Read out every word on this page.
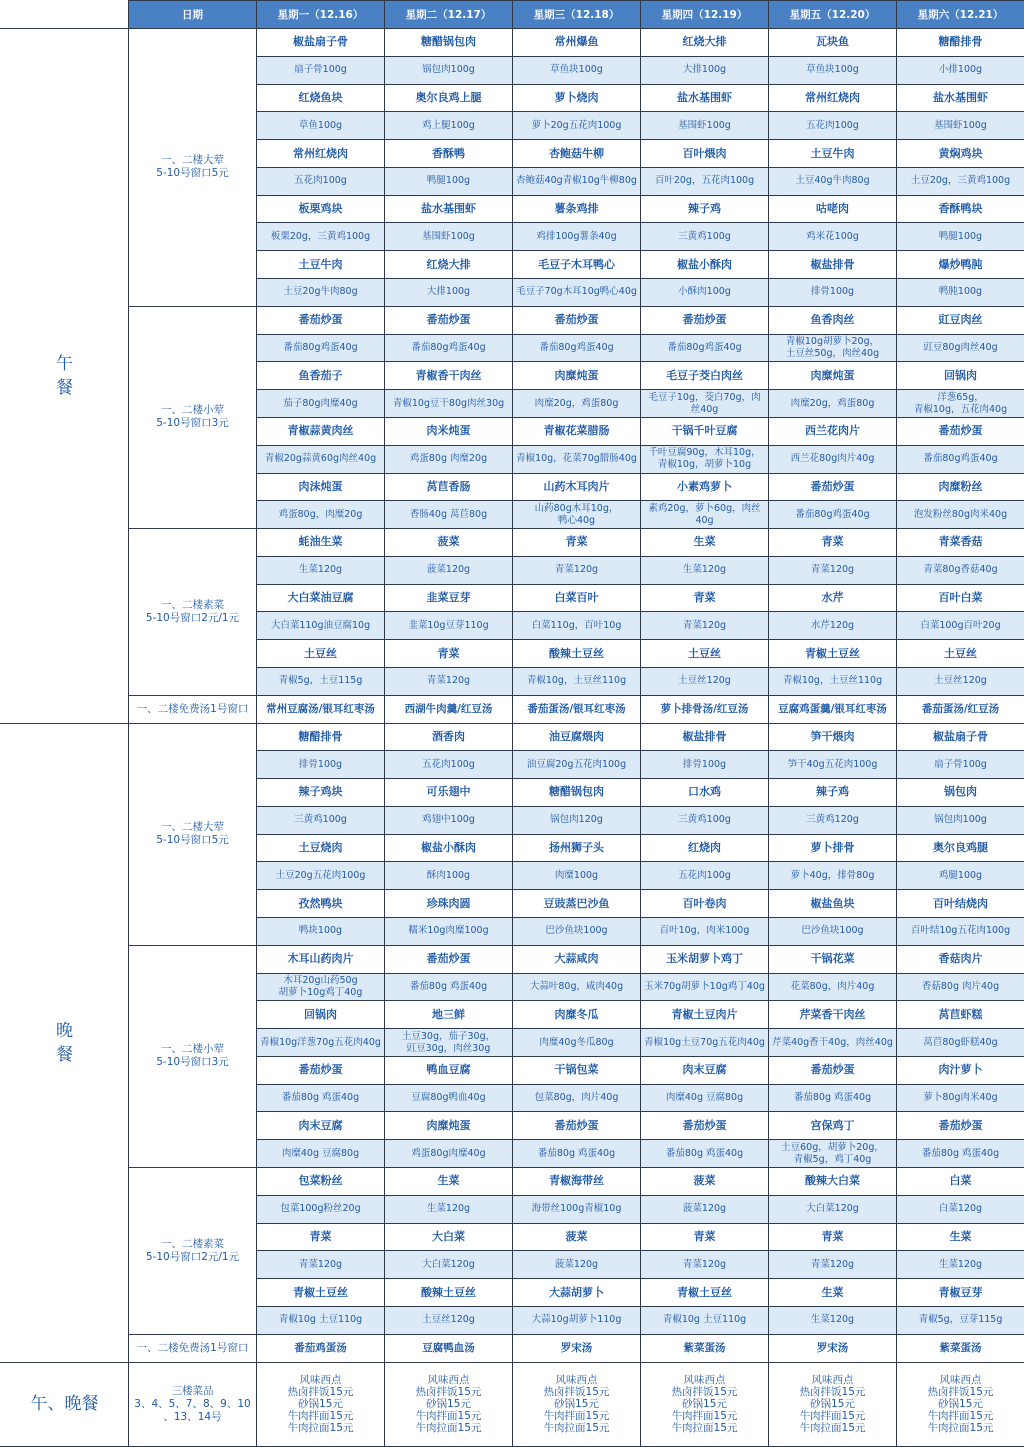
	日期	星期一（12.16）	星期二（12.17）	星期三（12.18）	星期四（12.19）	星期五（12.20）	星期六（12.21）

午
餐	一、二楼大荤
5-10号窗口5元	椒盐扇子骨	糖醋锅包肉	常州爆鱼	红烧大排	瓦块鱼	糖醋排骨
		扇子骨100g	锅包肉100g	草鱼块100g	大排100g	草鱼块100g	小排100g
		红烧鱼块	奥尔良鸡上腿	萝卜烧肉	盐水基围虾	常州红烧肉	盐水基围虾
		草鱼100g	鸡上腿100g	萝卜20g五花肉100g	基围虾100g	五花肉100g	基围虾100g
		常州红烧肉	香酥鸭	杏鲍菇牛柳	百叶煨肉	土豆牛肉	黄焖鸡块
		五花肉100g	鸭腿100g	杏鲍菇40g青椒10g牛柳80g	百叶20g，五花肉100g	土豆40g牛肉80g	土豆20g，三黄鸡100g
		板栗鸡块	盐水基围虾	薯条鸡排	辣子鸡	咕咾肉	香酥鸭块
		板栗20g，三黄鸡100g	基围虾100g	鸡排100g薯条40g	三黄鸡100g	鸡米花100g	鸭腿100g
		土豆牛肉	红烧大排	毛豆子木耳鸭心	椒盐小酥肉	椒盐排骨	爆炒鸭肫
		土豆20g牛肉80g	大排100g	毛豆子70g木耳10g鸭心40g	小酥肉100g	排骨100g	鸭肫100g
	一、二楼小荤
5-10号窗口3元	番茄炒蛋	番茄炒蛋	番茄炒蛋	番茄炒蛋	鱼香肉丝	豇豆肉丝
		番茄80g鸡蛋40g	番茄80g鸡蛋40g	番茄80g鸡蛋40g	番茄80g鸡蛋40g	青椒10g胡萝卜20g，
土豆丝50g，肉丝40g	豇豆80g肉丝40g
		鱼香茄子	青椒香干肉丝	肉糜炖蛋	毛豆子茭白肉丝	肉糜炖蛋	回锅肉
		茄子80g肉糜40g	青椒10g豆干80g肉丝30g	肉糜20g，鸡蛋80g	毛豆子10g，茭白70g，肉
丝40g	肉糜20g，鸡蛋80g	洋葱65g，
青椒10g，五花肉40g
		青椒蒜黄肉丝	肉米炖蛋	青椒花菜腊肠	干锅千叶豆腐	西兰花肉片	番茄炒蛋
		青椒20g蒜黄60g肉丝40g	鸡蛋80g 肉糜20g	青椒10g，花菜70g腊肠40g	千叶豆腐90g，木耳10g，
青椒10g，胡萝卜10g	西兰花80g肉片40g	番茄80g鸡蛋40g
		肉沫炖蛋	莴苣香肠	山药木耳肉片	小素鸡萝卜	番茄炒蛋	肉糜粉丝
		鸡蛋80g，肉糜20g	香肠40g 莴苣80g	山药80g木耳10g，
鸭心40g	素鸡20g，萝卜60g，肉丝
40g	番茄80g鸡蛋40g	泡发粉丝80g肉米40g
	一、二楼素菜
5-10号窗口2元/1元	蚝油生菜	菠菜	青菜	生菜	青菜	青菜香菇
		生菜120g	菠菜120g	青菜120g	生菜120g	青菜120g	青菜80g香菇40g
		大白菜油豆腐	韭菜豆芽	白菜百叶	青菜	水芹	百叶白菜
		大白菜110g油豆腐10g	韭菜10g豆芽110g	白菜110g，百叶10g	青菜120g	水芹120g	白菜100g百叶20g
		土豆丝	青菜	酸辣土豆丝	土豆丝	青椒土豆丝	土豆丝
		青椒5g，土豆115g	青菜120g	青椒10g，土豆丝110g	土豆丝120g	青椒10g，土豆丝110g	土豆丝120g
	一、二楼免费汤1号窗口	常州豆腐汤/银耳红枣汤	西湖牛肉羹/红豆汤	番茄蛋汤/银耳红枣汤	萝卜排骨汤/红豆汤	豆腐鸡蛋羹/银耳红枣汤	番茄蛋汤/红豆汤

晚
餐	一、二楼大荤
5-10号窗口5元	糖醋排骨	酒香肉	油豆腐煨肉	椒盐排骨	笋干煨肉	椒盐扇子骨
		排骨100g	五花肉100g	油豆腐20g五花肉100g	排骨100g	笋干40g五花肉100g	扇子骨100g
		辣子鸡块	可乐翅中	糖醋锅包肉	口水鸡	辣子鸡	锅包肉
		三黄鸡100g	鸡翅中100g	锅包肉120g	三黄鸡100g	三黄鸡120g	锅包肉100g
		土豆烧肉	椒盐小酥肉	扬州狮子头	红烧肉	萝卜排骨	奥尔良鸡腿
		土豆20g五花肉100g	酥肉100g	肉糜100g	五花肉100g	萝卜40g，排骨80g	鸡腿100g
		孜然鸭块	珍珠肉圆	豆豉蒸巴沙鱼	百叶卷肉	椒盐鱼块	百叶结烧肉
		鸭块100g	糯米10g肉糜100g	巴沙鱼块100g	百叶10g，肉米100g	巴沙鱼块100g	百叶结10g五花肉100g
	一、二楼小荤
5-10号窗口3元	木耳山药肉片	番茄炒蛋	大蒜咸肉	玉米胡萝卜鸡丁	干锅花菜	香菇肉片
		木耳20g山药50g
胡萝卜10g鸡丁40g	番茄80g 鸡蛋40g	大蒜叶80g，咸肉40g	玉米70g胡萝卜10g鸡丁40g	花菜80g，肉片40g	香菇80g 肉片40g
		回锅肉	地三鲜	肉糜冬瓜	青椒土豆肉片	芹菜香干肉丝	莴苣虾糕
		青椒10g洋葱70g五花肉40g	土豆30g，茄子30g，
豇豆30g，肉丝30g	肉糜40g冬瓜80g	青椒10g土豆70g五花肉40g	芹菜40g香干40g，肉丝40g	莴苣80g虾糕40g
		番茄炒蛋	鸭血豆腐	干锅包菜	肉末豆腐	番茄炒蛋	肉汁萝卜
		番茄80g 鸡蛋40g	豆腐80g鸭血40g	包菜80g，肉片40g	肉糜40g 豆腐80g	番茄80g 鸡蛋40g	萝卜80g肉米40g
		肉末豆腐	肉糜炖蛋	番茄炒蛋	番茄炒蛋	宫保鸡丁	番茄炒蛋
		肉糜40g 豆腐80g	鸡蛋80g肉糜40g	番茄80g 鸡蛋40g	番茄80g 鸡蛋40g	土豆60g，胡萝卜20g，
青椒5g，鸡丁40g	番茄80g 鸡蛋40g
	一、二楼素菜
5-10号窗口2元/1元	包菜粉丝	生菜	青椒海带丝	菠菜	酸辣大白菜	白菜
		包菜100g粉丝20g	生菜120g	海带丝100g青椒10g	菠菜120g	大白菜120g	白菜120g
		青菜	大白菜	菠菜	青菜	青菜	生菜
		青菜120g	大白菜120g	菠菜120g	青菜120g	青菜120g	生菜120g
		青椒土豆丝	酸辣土豆丝	大蒜胡萝卜	青椒土豆丝	生菜	青椒豆芽
		青椒10g 土豆110g	土豆丝120g	大蒜10g胡萝卜110g	青椒10g 土豆110g	生菜120g	青椒5g，豆芽115g
	一、二楼免费汤1号窗口	番茄鸡蛋汤	豆腐鸭血汤	罗宋汤	紫菜蛋汤	罗宋汤	紫菜蛋汤
午、晚餐	三楼菜品
3、4、5、7、8、9、10
、13、14号	风味西点
热卤拌饭15元
砂锅15元
牛肉拌面15元
牛肉拉面15元	风味西点
热卤拌饭15元
砂锅15元
牛肉拌面15元
牛肉拉面15元	风味西点
热卤拌饭15元
砂锅15元
牛肉拌面15元
牛肉拉面15元	风味西点
热卤拌饭15元
砂锅15元
牛肉拌面15元
牛肉拉面15元	风味西点
热卤拌饭15元
砂锅15元
牛肉拌面15元
牛肉拉面15元	风味西点
热卤拌饭15元
砂锅15元
牛肉拌面15元
牛肉拉面15元
